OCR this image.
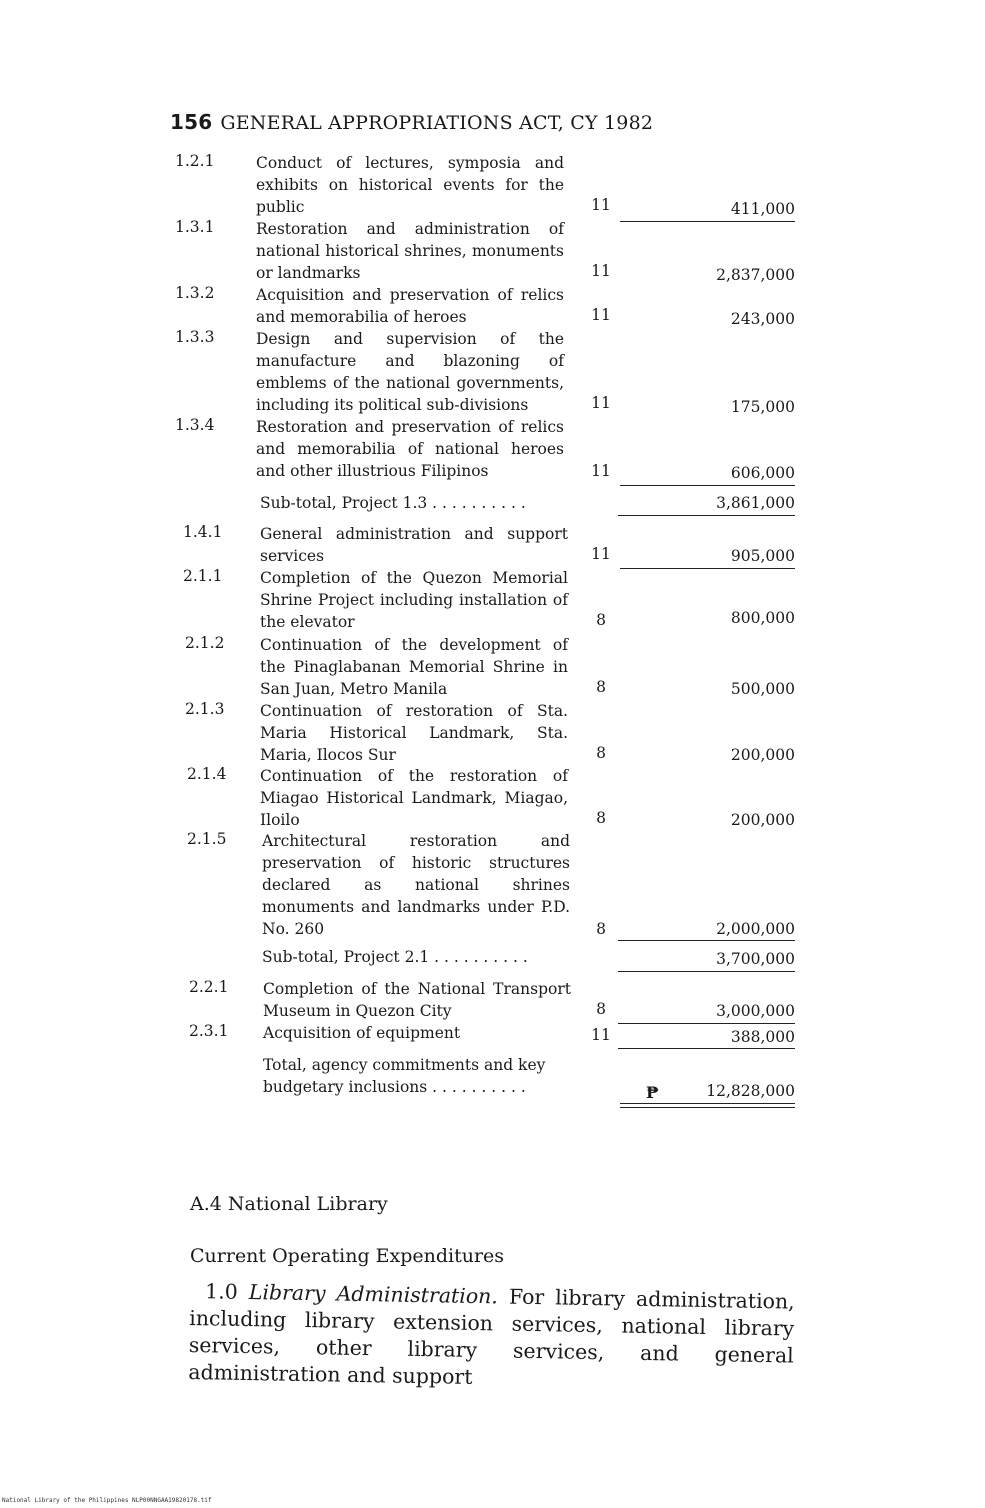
156 GENERAL APPROPRIATIONS ACT, CY 1982
1.2.1	Conduct of lectures, symposia and exhibits on historical events for the public	11	411,000
1.3.1	Restoration and administration of national historical shrines, monuments or landmarks	11	2,837,000
1.3.2	Acquisition and preservation of relics and memorabilia of heroes	11	243,000
1.3.3	Design and supervision of the manufacture and blazoning of emblems of the national governments, including its political sub-divisions	11	175,000
1.3.4	Restoration and preservation of relics and memorabilia of national heroes and other illustrious Filipinos	11	606,000
Sub-total, Project 1.3 . . . . . . . . . .	3,861,000
1.4.1	General administration and support services	11	905,000
2.1.1	Completion of the Quezon Memorial Shrine Project including installation of the elevator	8	800,000
2.1.2	Continuation of the development of the Pinaglabanan Memorial Shrine in San Juan, Metro Manila	8	500,000
2.1.3	Continuation of restoration of Sta. Maria Historical Landmark, Sta. Maria, Ilocos Sur	8	200,000
2.1.4	Continuation of the restoration of Miagao Historical Landmark, Miagao, Iloilo	8	200,000
2.1.5	Architectural restoration and preservation of historic structures declared as national shrines monuments and landmarks under P.D. No. 260	8	2,000,000
Sub-total, Project 2.1 . . . . . . . . . .	3,700,000
2.2.1	Completion of the National Transport Museum in Quezon City	8	3,000,000
2.3.1	Acquisition of equipment	11	388,000
Total, agency commitments and key budgetary inclusions . . . . . . . . . .	12,828,000
₱
A.4 National Library
Current Operating Expenditures
1.0 Library Administration. For library administration, including library extension services, national library services, other library services, and general administration and support
National Library of the Philippines NLP00NNGAA19820178.tif
